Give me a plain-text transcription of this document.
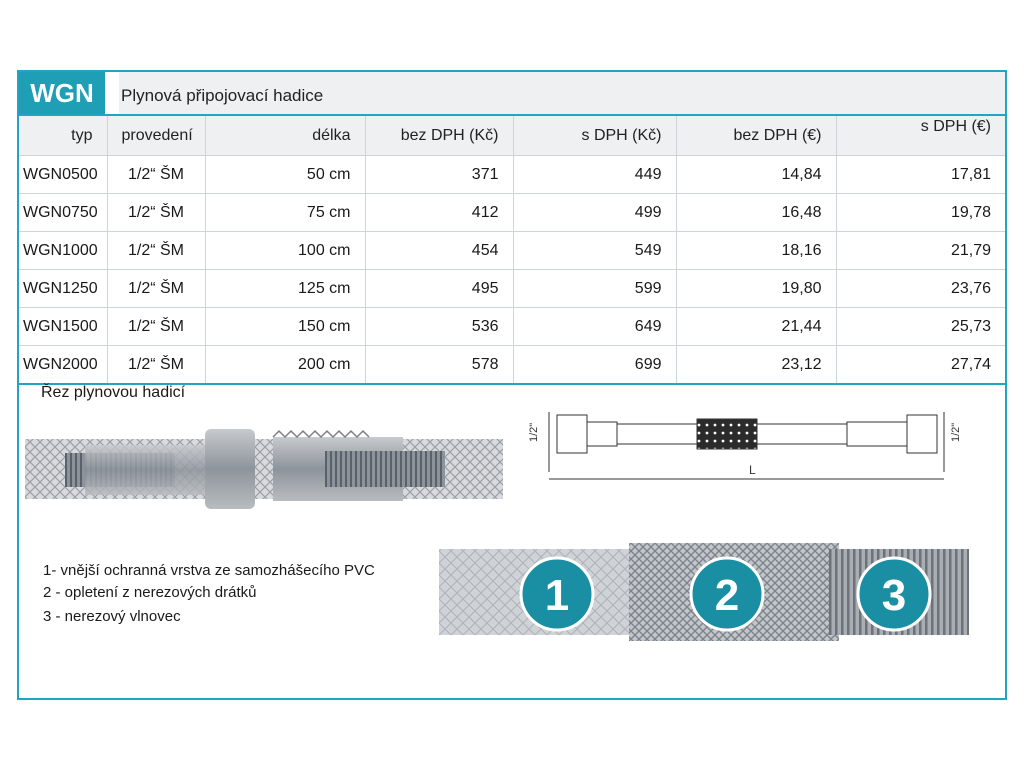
WGN	Plynová připojovací hadice
typ	provedení	délka	bez DPH (Kč)	s DPH (Kč)	bez DPH (€)	s DPH (€)
WGN0500	1/2“ ŠM	50 cm	371	449	14,84	17,81
WGN0750	1/2“ ŠM	75 cm	412	499	16,48	19,78
WGN1000	1/2“ ŠM	100 cm	454	549	18,16	21,79
WGN1250	1/2“ ŠM	125 cm	495	599	19,80	23,76
WGN1500	1/2“ ŠM	150 cm	536	649	21,44	25,73
WGN2000	1/2“ ŠM	200 cm	578	699	23,12	27,74
Řez plynovou hadicí
1/2"	1/2"
L
1- vnější ochranná vrstva ze samozhášecího PVC
2 - opletení z nerezových drátků
3 - nerezový vlnovec	1	2	3
